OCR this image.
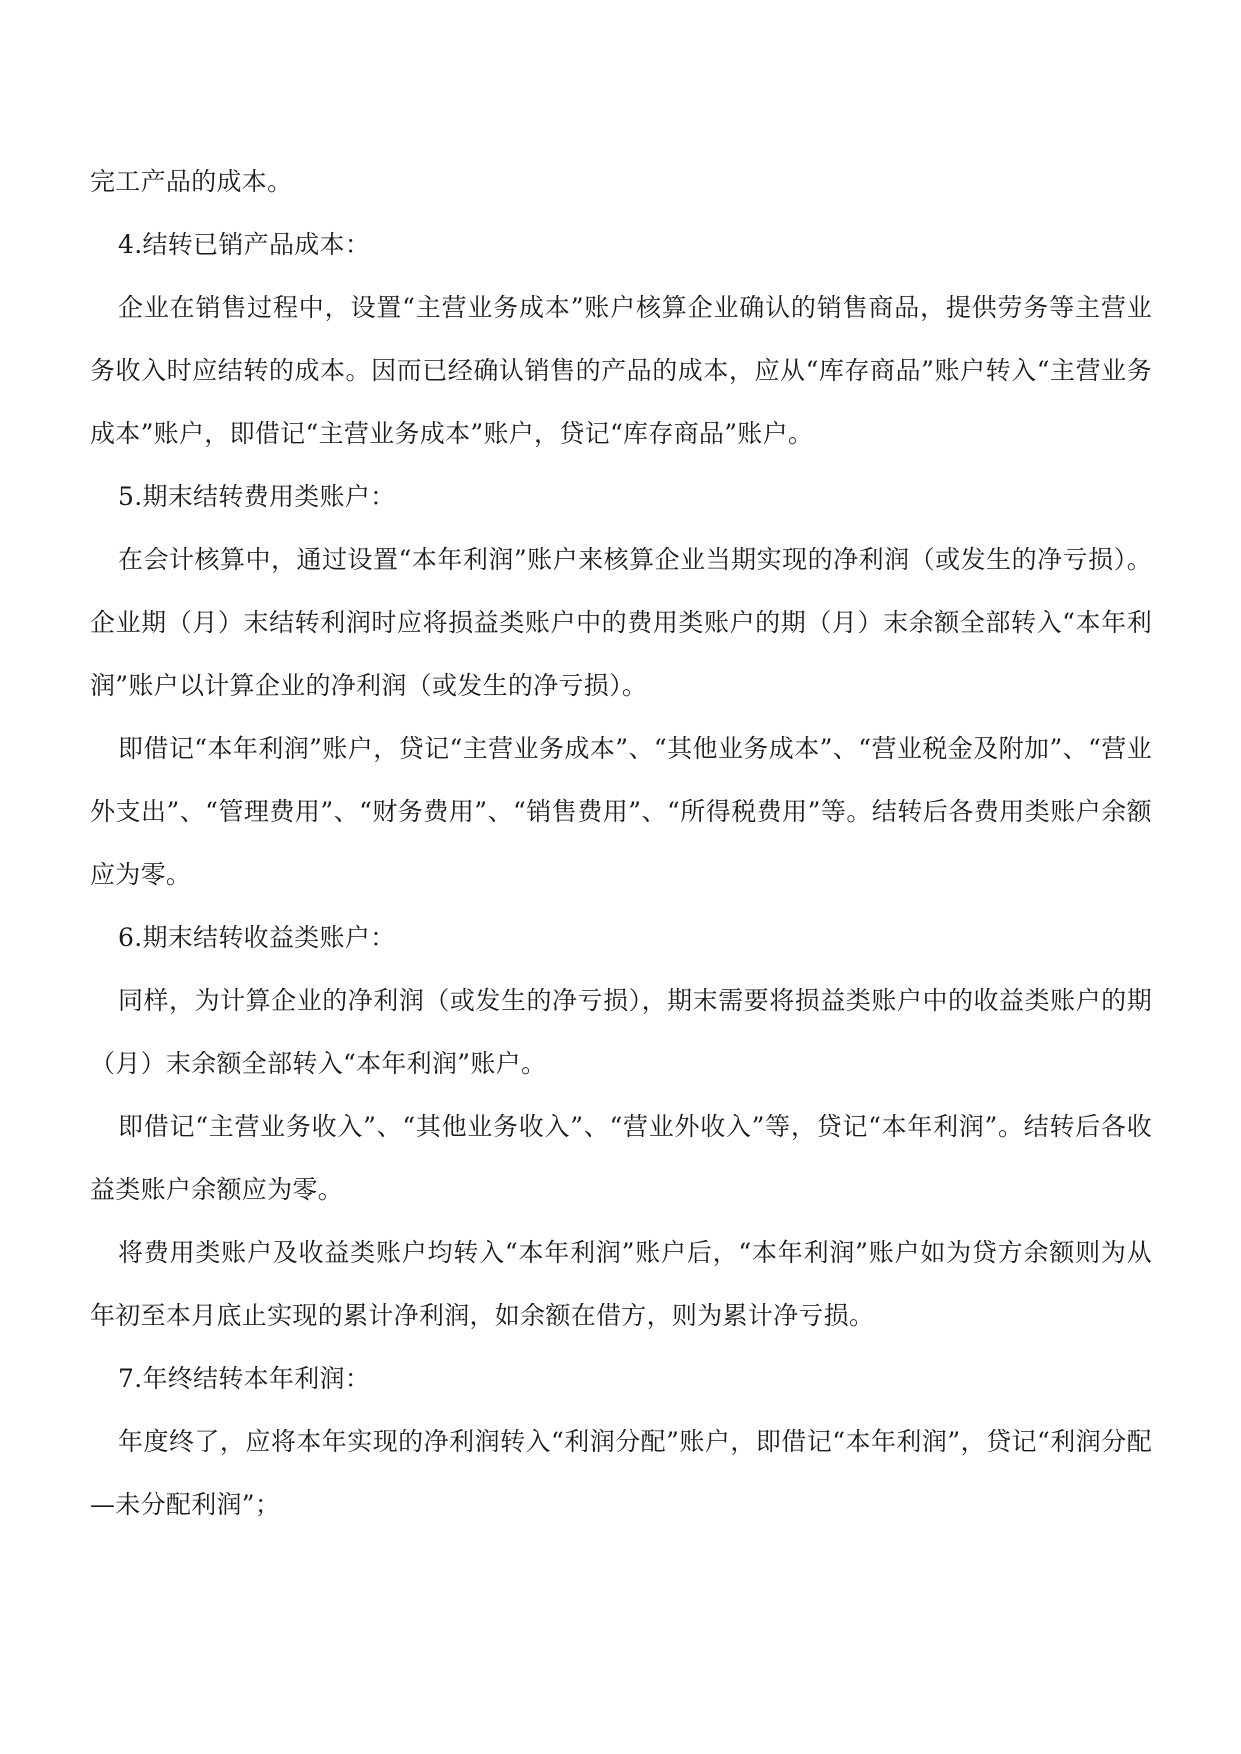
完工产品的成本。

4.结转已销产品成本：

企业在销售过程中，设置“主营业务成本”账户核算企业确认的销售商品，提供劳务等主营业务收入时应结转的成本。因而已经确认销售的产品的成本，应从“库存商品”账户转入“主营业务成本”账户，即借记“主营业务成本”账户，贷记“库存商品”账户。

5.期末结转费用类账户：

在会计核算中，通过设置“本年利润”账户来核算企业当期实现的净利润（或发生的净亏损）。企业期（月）末结转利润时应将损益类账户中的费用类账户的期（月）末余额全部转入“本年利润”账户以计算企业的净利润（或发生的净亏损）。

即借记“本年利润”账户，贷记“主营业务成本”、“其他业务成本”、“营业税金及附加”、“营业外支出”、“管理费用”、“财务费用”、“销售费用”、“所得税费用”等。结转后各费用类账户余额应为零。

6.期末结转收益类账户：

同样，为计算企业的净利润（或发生的净亏损），期末需要将损益类账户中的收益类账户的期（月）末余额全部转入“本年利润”账户。

即借记“主营业务收入”、“其他业务收入”、“营业外收入”等，贷记“本年利润”。结转后各收益类账户余额应为零。

将费用类账户及收益类账户均转入“本年利润”账户后，“本年利润”账户如为贷方余额则为从年初至本月底止实现的累计净利润，如余额在借方，则为累计净亏损。

7.年终结转本年利润：

年度终了，应将本年实现的净利润转入“利润分配”账户，即借记“本年利润”，贷记“利润分配—未分配利润”；
